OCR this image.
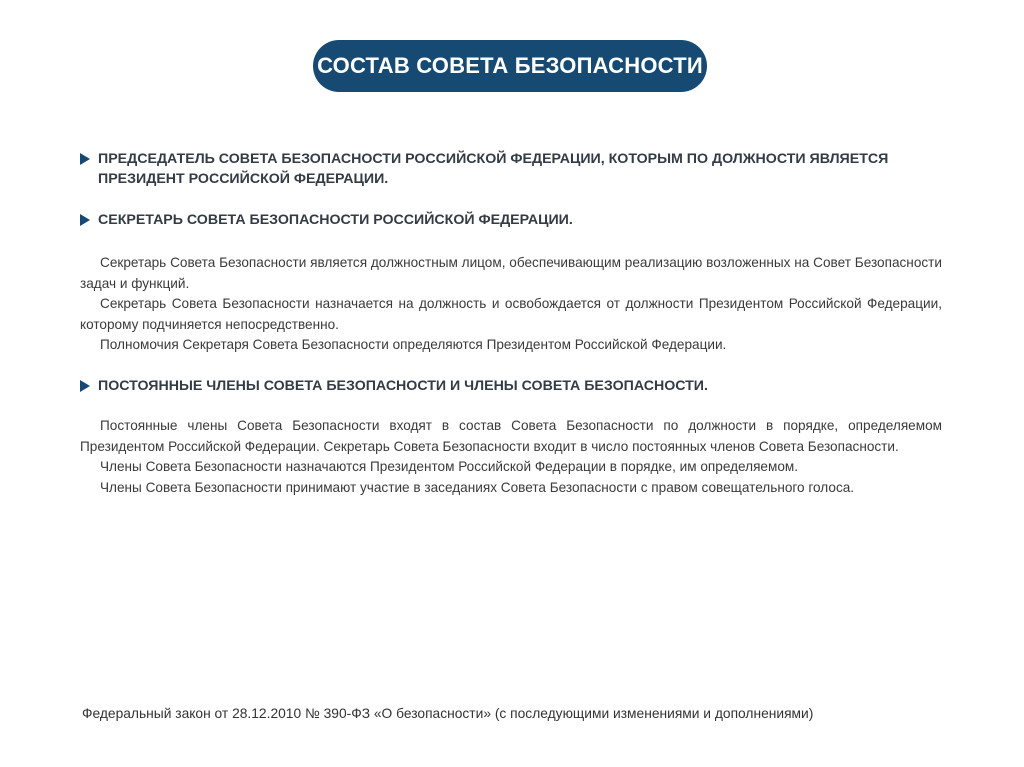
СОСТАВ СОВЕТА БЕЗОПАСНОСТИ
ПРЕДСЕДАТЕЛЬ СОВЕТА БЕЗОПАСНОСТИ РОССИЙСКОЙ ФЕДЕРАЦИИ, КОТОРЫМ ПО ДОЛЖНОСТИ ЯВЛЯЕТСЯ ПРЕЗИДЕНТ РОССИЙСКОЙ ФЕДЕРАЦИИ.
СЕКРЕТАРЬ СОВЕТА БЕЗОПАСНОСТИ РОССИЙСКОЙ ФЕДЕРАЦИИ.

Секретарь Совета Безопасности является должностным лицом, обеспечивающим реализацию возложенных на Совет Безопасности задач и функций.

Секретарь Совета Безопасности назначается на должность и освобождается от должности Президентом Российской Федерации, которому подчиняется непосредственно.

Полномочия Секретаря Совета Безопасности определяются Президентом Российской Федерации.

ПОСТОЯННЫЕ ЧЛЕНЫ СОВЕТА БЕЗОПАСНОСТИ И ЧЛЕНЫ СОВЕТА БЕЗОПАСНОСТИ.

Постоянные члены Совета Безопасности входят в состав Совета Безопасности по должности в порядке, определяемом Президентом Российской Федерации. Секретарь Совета Безопасности входит в число постоянных членов Совета Безопасности.

Члены Совета Безопасности назначаются Президентом Российской Федерации в порядке, им определяемом.

Члены Совета Безопасности принимают участие в заседаниях Совета Безопасности с правом совещательного голоса.

Федеральный закон от 28.12.2010 № 390-ФЗ «О безопасности» (с последующими изменениями и дополнениями)
